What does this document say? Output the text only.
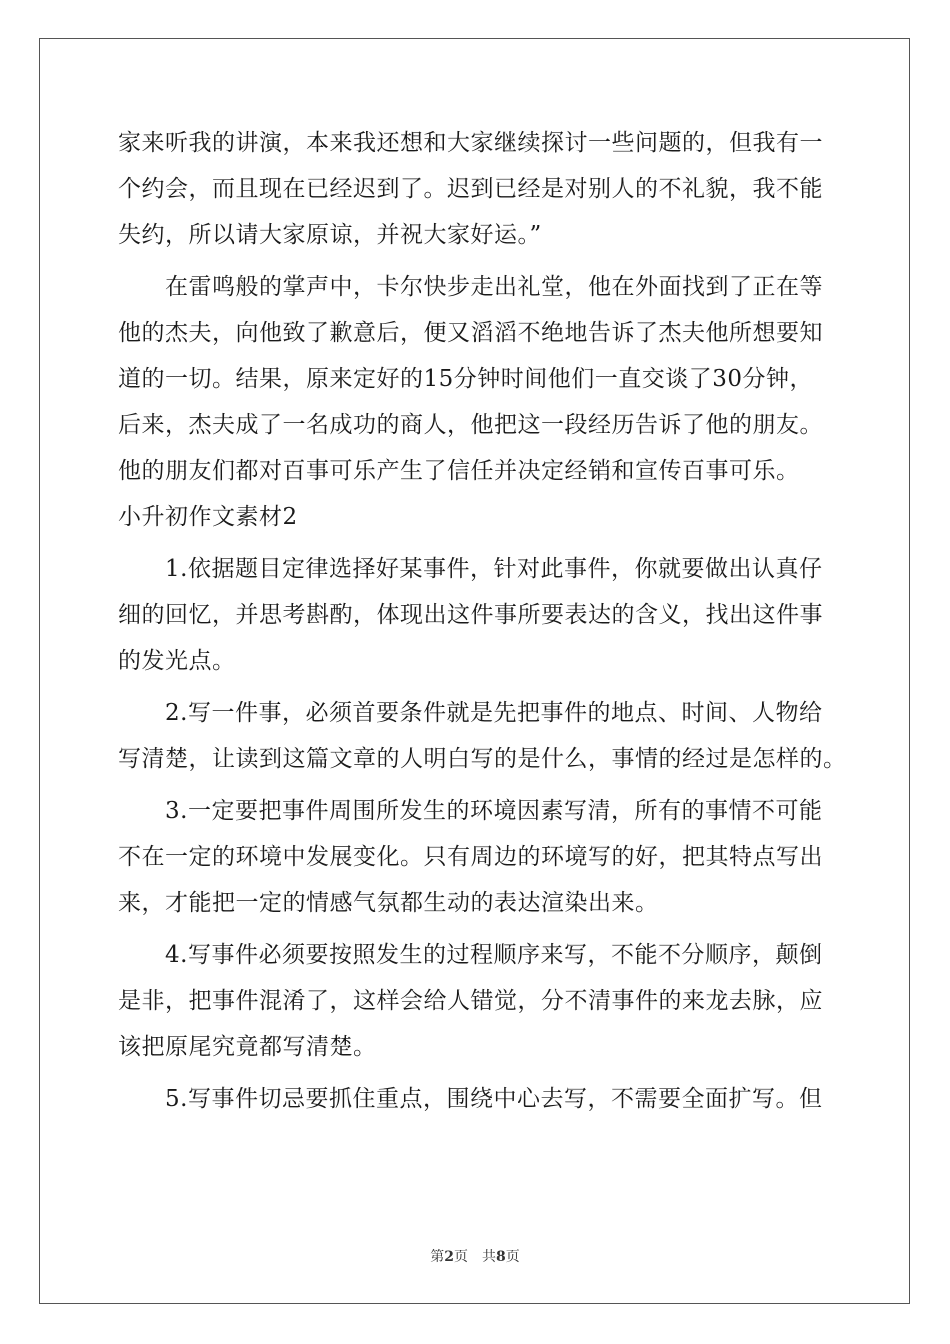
家来听我的讲演，本来我还想和大家继续探讨一些问题的，但我有一
个约会，而且现在已经迟到了。迟到已经是对别人的不礼貌，我不能
失约，所以请大家原谅，并祝大家好运。”
在雷鸣般的掌声中，卡尔快步走出礼堂，他在外面找到了正在等
他的杰夫，向他致了歉意后，便又滔滔不绝地告诉了杰夫他所想要知
道的一切。结果，原来定好的15分钟时间他们一直交谈了30分钟，
后来，杰夫成了一名成功的商人，他把这一段经历告诉了他的朋友。
他的朋友们都对百事可乐产生了信任并决定经销和宣传百事可乐。
小升初作文素材2
1.依据题目定律选择好某事件，针对此事件，你就要做出认真仔
细的回忆，并思考斟酌，体现出这件事所要表达的含义，找出这件事
的发光点。
2.写一件事，必须首要条件就是先把事件的地点、时间、人物给
写清楚，让读到这篇文章的人明白写的是什么，事情的经过是怎样的。
3.一定要把事件周围所发生的环境因素写清，所有的事情不可能
不在一定的环境中发展变化。只有周边的环境写的好，把其特点写出
来，才能把一定的情感气氛都生动的表达渲染出来。
4.写事件必须要按照发生的过程顺序来写，不能不分顺序，颠倒
是非，把事件混淆了，这样会给人错觉，分不清事件的来龙去脉，应
该把原尾究竟都写清楚。
5.写事件切忌要抓住重点，围绕中心去写，不需要全面扩写。但
第2页　共8页
